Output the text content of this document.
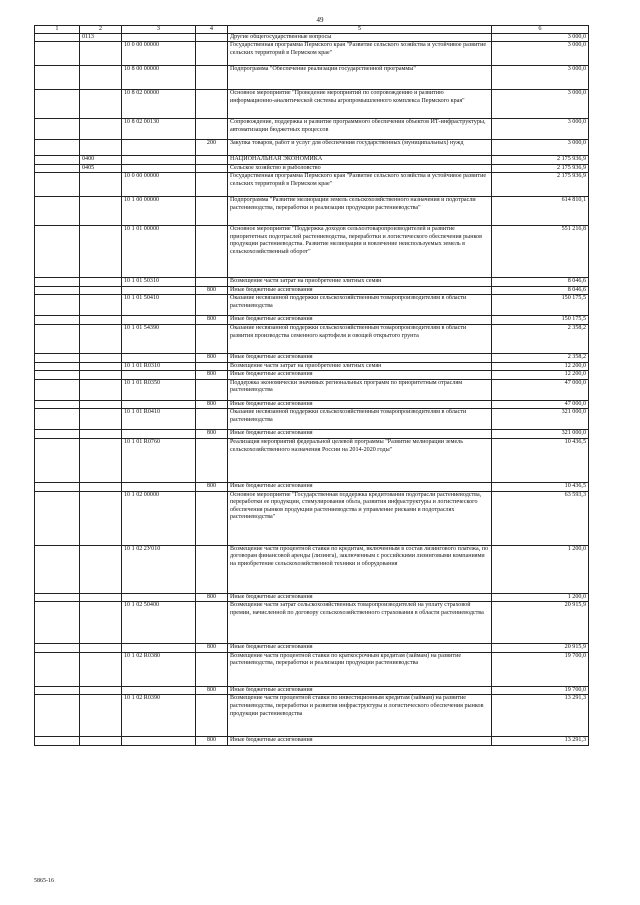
49
1	2	3	4	5	6
	0113			Другие общегосударственные вопросы	3 000,0
		10 0 00 00000		Государственная программа Пермского края "Развитие сельского хозяйства и устойчивое развитие сельских территорий в Пермском крае"	3 000,0
		10 8 00 00000		Подпрограмма "Обеспечение реализации государственной программы"	3 000,0
		10 8 02 00000		Основное мероприятие "Проведение мероприятий по сопровождению и развитию информационно-аналитической системы агропромышленного комплекса Пермского края"	3 000,0
		10 8 02 00130		Сопровождение, поддержка и развитие программного обеспечения объектов ИТ-инфраструктуры, автоматизации бюджетных процессов	3 000,0
			200	Закупка товаров, работ и услуг для обеспечения государственных (муниципальных) нужд	3 000,0
	0400			НАЦИОНАЛЬНАЯ ЭКОНОМИКА	2 175 936,9
	0405			Сельское хозяйство и рыболовство	2 175 936,9
		10 0 00 00000		Государственная программа Пермского края "Развитие сельского хозяйства и устойчивое развитие сельских территорий в Пермском крае"	2 175 936,9
		10 1 00 00000		Подпрограмма "Развитие мелиорации земель сельскохозяйственного назначения и подотрасли растениеводства, переработки и реализации продукции растениеводства"	614 810,1
		10 1 01 00000		Основное мероприятие "Поддержка доходов сельхозтоваропроизводителей и развитие приоритетных подотраслей растениеводства, переработки и логистического обеспечения рынков продукции растениеводства. Развитие мелиорации и вовлечение неиспользуемых земель в сельскохозяйственный оборот"	551 216,8
		10 1 01 50310		Возмещение части затрат на приобретение элитных семян	8 046,6
			800	Иные бюджетные ассигнования	8 046,6
		10 1 01 50410		Оказание несвязанной поддержки сельскохозяйственным товаропроизводителям в области растениеводства	150 175,5
			800	Иные бюджетные ассигнования	150 175,5
		10 1 01 54390		Оказание несвязанной поддержки сельскохозяйственным товаропроизводителям в области развития производства семенного картофеля и овощей открытого грунта	2 358,2
			800	Иные бюджетные ассигнования	2 358,2
		10 1 01 R0310		Возмещение части затрат на приобретение элитных семян	12 200,0
			800	Иные бюджетные ассигнования	12 200,0
		10 1 01 R0350		Поддержка экономически значимых региональных программ по приоритетным отраслям растениеводства	47 000,0
			800	Иные бюджетные ассигнования	47 000,0
		10 1 01 R0410		Оказание несвязанной поддержки сельскохозяйственным товаропроизводителям в области растениеводства	321 000,0
			800	Иные бюджетные ассигнования	321 000,0
		10 1 01 R0760		Реализация мероприятий федеральной целевой программы "Развитие мелиорации земель сельскохозяйственного назначения России на 2014-2020 годы"	10 436,5
			800	Иные бюджетные ассигнования	10 436,5
		10 1 02 00000		Основное мероприятие "Государственная поддержка кредитования подотрасли растениеводства, переработки ее продукции, стимулирования обьта, развития инфраструктуры и логистического обеспечения рынков продукции растениеводства и управление рисками в подотраслях растениеводства"	63 593,3
		10 1 02 2У010		Возмещение части процентной ставки по кредитам, включенным в состав лизингового платежа, по договорам финансовой аренды (лизинга), заключенным с российскими лизинговыми компаниями на приобретение сельскохозяйственной техники и оборудования	1 200,0
			800	Иные бюджетные ассигнования	1 200,0
		10 1 02 50400		Возмещение части затрат сельскохозяйственных товаропроизводителей на уплату страховой премии, начисленной по договору сельскохозяйственного страхования в области растениеводства	20 915,9
			800	Иные бюджетные ассигнования	20 915,9
		10 1 02 R0380		Возмещение части процентной ставки по краткосрочным кредитам (займам) на развитие растениеводства, переработки и реализации продукции растениеводства	19 700,0
			800	Иные бюджетные ассигнования	19 700,0
		10 1 02 R0390		Возмещение части процентной ставки по инвестиционным кредитам (займам) на развитие растениеводства, переработки и развития инфраструктуры и логистического обеспечения рынков продукции растениеводства	13 291,3
			800	Иные бюджетные ассигнования	13 291,3
5865-16
